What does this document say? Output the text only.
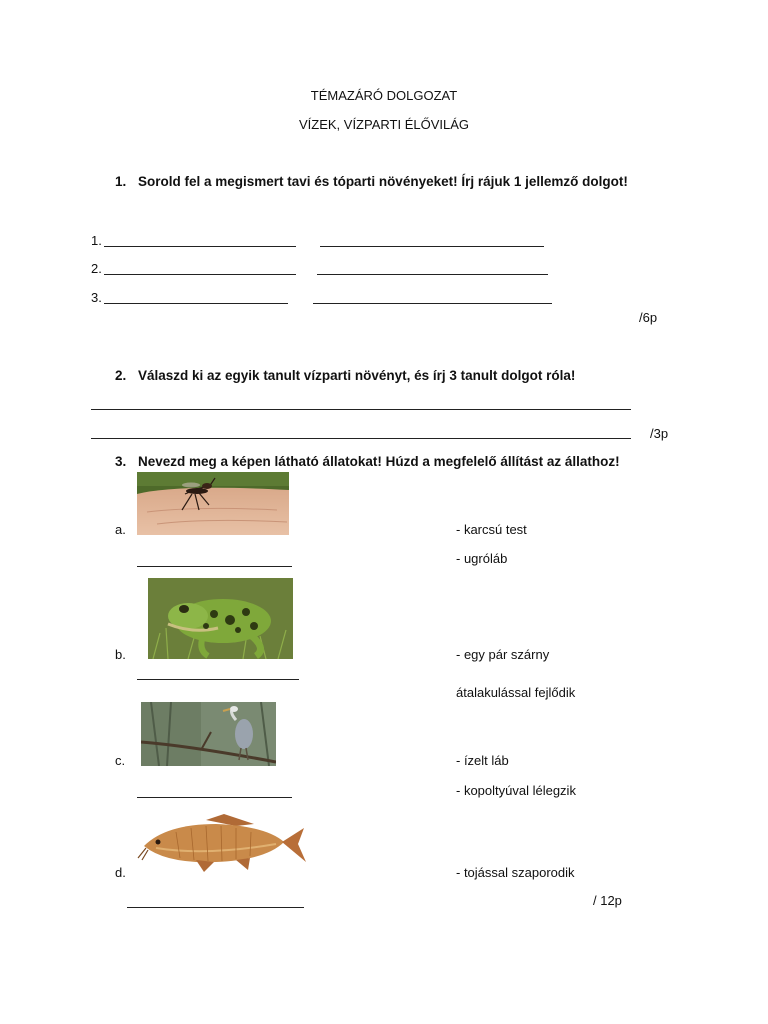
TÉMAZÁRÓ DOLGOZAT
VÍZEK, VÍZPARTI ÉLŐVILÁG
1. Sorold fel a megismert tavi és tóparti növényeket! Írj rájuk 1 jellemző dolgot!
1.
2.
3.
/6p
2. Válaszd ki az egyik tanult vízparti növényt, és írj 3 tanult dolgot róla!
/3p
3. Nevezd meg a képen látható állatokat! Húzd a megfelelő állítást az állathoz!
a.
b.
c.
d.
- karcsú test
- ugróláb
- egy pár szárny
átalakulással fejlődik
- ízelt láb
- kopoltyúval lélegzik
- tojással szaporodik
/ 12p
